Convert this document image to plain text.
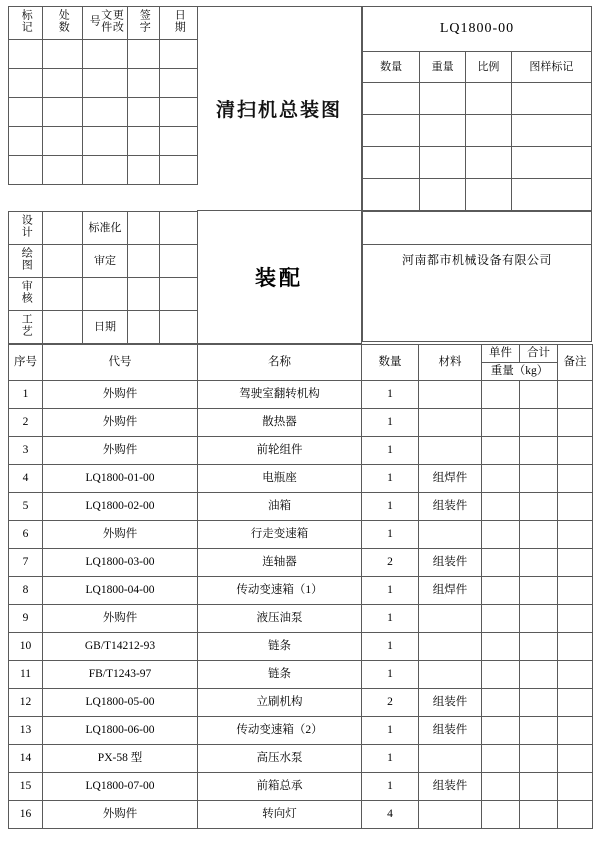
标记	处数	更改文件号	签字	日期

清扫机总装图
LQ1800-00			
数量	重量	比例	图样标记

设计		标准化		
绘图		审定		
审核				
工艺		日期		
装配

河南都市机械设备有限公司

序号	代号	名称	数量	材料	单件	合计	备注
					重量（kg）		
1	外购件	驾驶室翻转机构	1				
2	外购件	散热器	1				
3	外购件	前轮组件	1				
4	LQ1800-01-00	电瓶座	1	组焊件			
5	LQ1800-02-00	油箱	1	组装件			
6	外购件	行走变速箱	1				
7	LQ1800-03-00	连轴器	2	组装件			
8	LQ1800-04-00	传动变速箱（1）	1	组焊件			
9	外购件	液压油泵	1				
10	GB/T14212-93	链条	1				
11	FB/T1243-97	链条	1				
12	LQ1800-05-00	立刷机构	2	组装件			
13	LQ1800-06-00	传动变速箱（2）	1	组装件			
14	PX-58 型	高压水泵	1				
15	LQ1800-07-00	前箱总承	1	组装件			
16	外购件	转向灯	4				
